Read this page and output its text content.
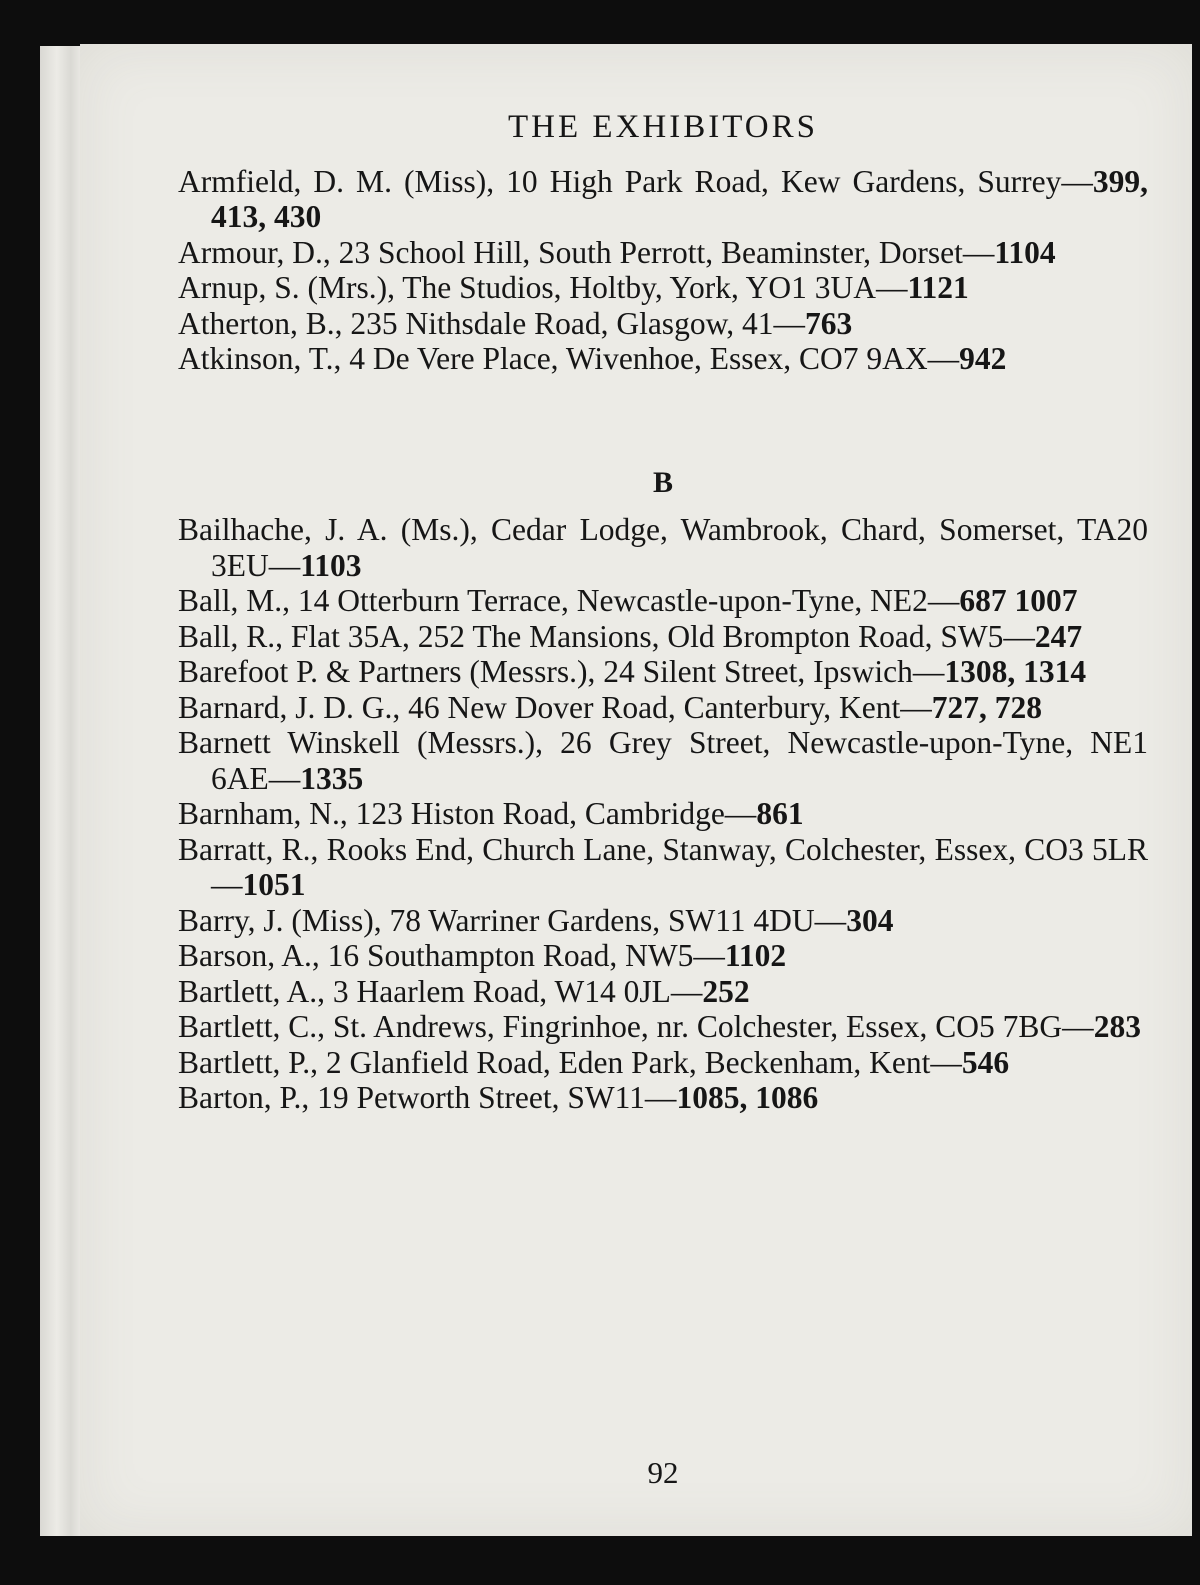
THE EXHIBITORS

Armfield, D. M. (Miss), 10 High Park Road, Kew Gardens, Surrey—399, 413, 430

Armour, D., 23 School Hill, South Perrott, Beaminster, Dorset—1104

Arnup, S. (Mrs.), The Studios, Holtby, York, YO1 3UA—1121

Atherton, B., 235 Nithsdale Road, Glasgow, 41—763

Atkinson, T., 4 De Vere Place, Wivenhoe, Essex, CO7 9AX—942

B

Bailhache, J. A. (Ms.), Cedar Lodge, Wambrook, Chard, Somerset, TA20 3EU—1103

Ball, M., 14 Otterburn Terrace, Newcastle-upon-Tyne, NE2—687 1007

Ball, R., Flat 35A, 252 The Mansions, Old Brompton Road, SW5—247

Barefoot P. & Partners (Messrs.), 24 Silent Street, Ipswich—1308, 1314

Barnard, J. D. G., 46 New Dover Road, Canterbury, Kent—727, 728

Barnett Winskell (Messrs.), 26 Grey Street, Newcastle-upon-Tyne, NE1 6AE—1335

Barnham, N., 123 Histon Road, Cambridge—861

Barratt, R., Rooks End, Church Lane, Stanway, Colchester, Essex, CO3 5LR—1051

Barry, J. (Miss), 78 Warriner Gardens, SW11 4DU—304

Barson, A., 16 Southampton Road, NW5—1102

Bartlett, A., 3 Haarlem Road, W14 0JL—252

Bartlett, C., St. Andrews, Fingrinhoe, nr. Colchester, Essex, CO5 7BG—283

Bartlett, P., 2 Glanfield Road, Eden Park, Beckenham, Kent—546

Barton, P., 19 Petworth Street, SW11—1085, 1086

92
